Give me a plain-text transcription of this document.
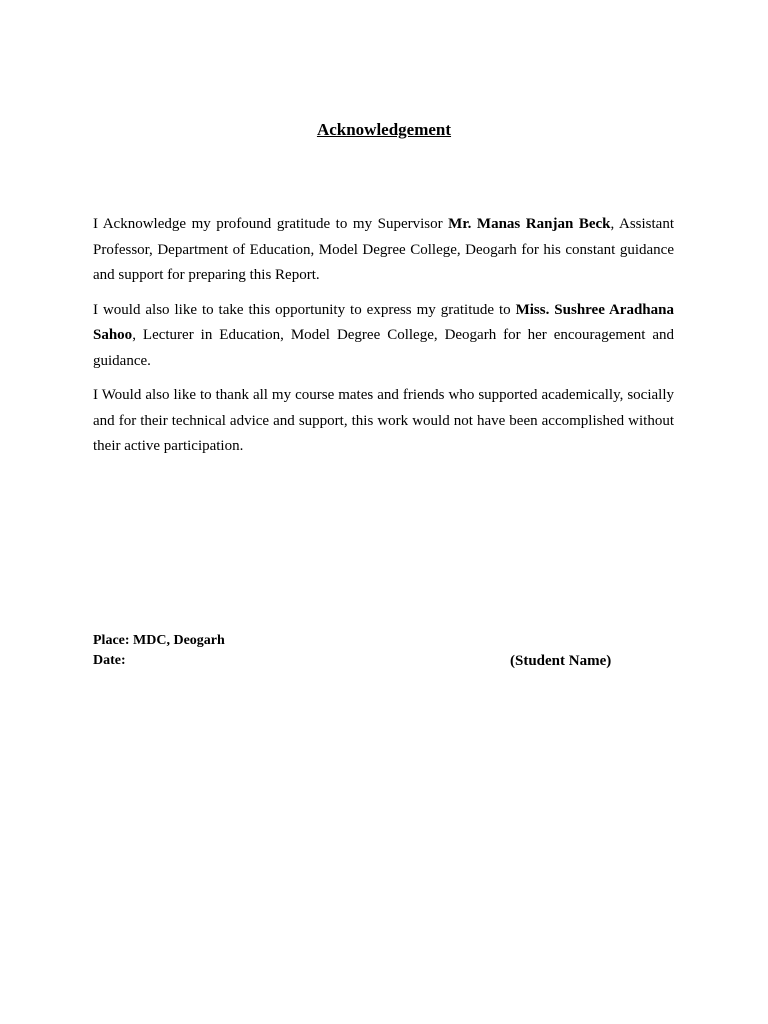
Acknowledgement

I Acknowledge my profound gratitude to my Supervisor Mr. Manas Ranjan Beck, Assistant Professor, Department of Education, Model Degree College, Deogarh for his constant guidance and support for preparing this Report.

I would also like to take this opportunity to express my gratitude to Miss. Sushree Aradhana Sahoo, Lecturer in Education, Model Degree College, Deogarh for her encouragement and guidance.

I Would also like to thank all my course mates and friends who supported academically, socially and for their technical advice and support, this work would not have been accomplished without their active participation.

Place: MDC, Deogarh
Date:	(Student Name)
